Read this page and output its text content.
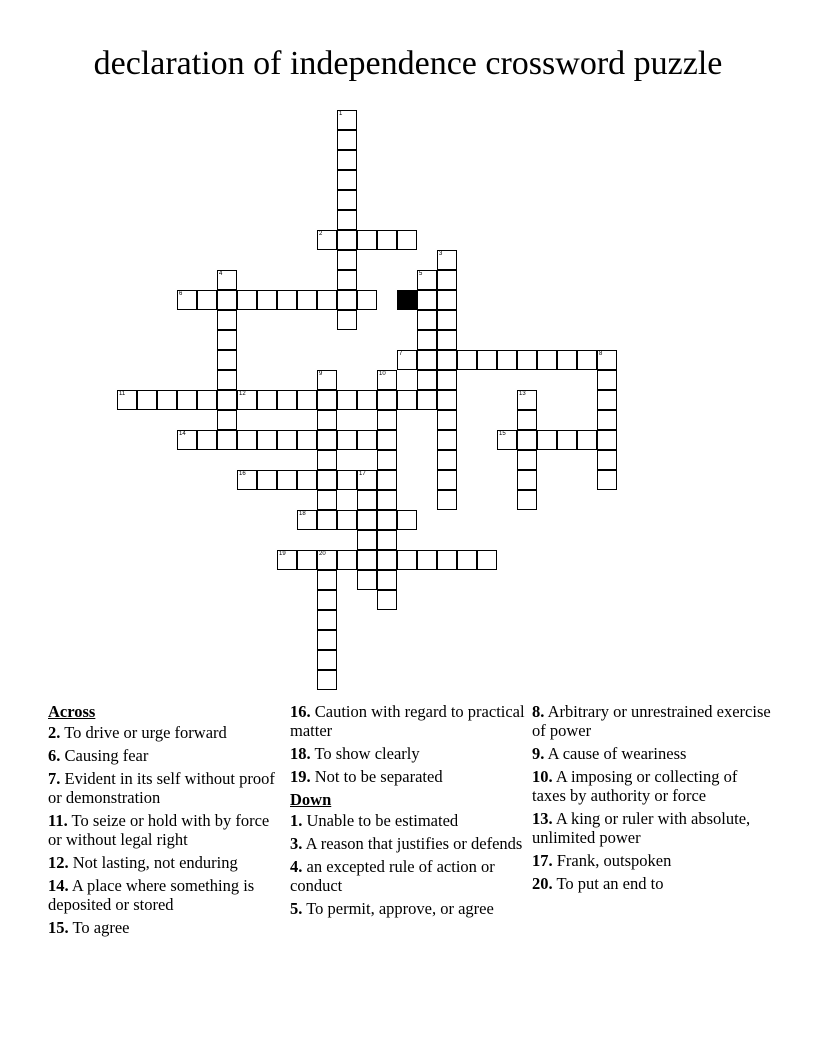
declaration of independence crossword puzzle
1
2
3
4	5
6
7	8
9	10
11	12	13
14	15
16	17
18
19	20
Across
2. To drive or urge forward
6. Causing fear
7. Evident in its self without proof or demonstration
11. To seize or hold with by force or without legal right
12. Not lasting, not enduring
14. A place where something is deposited or stored
15. To agree
16. Caution with regard to practical matter
18. To show clearly
19. Not to be separated
Down
1. Unable to be estimated
3. A reason that justifies or defends
4. an excepted rule of action or conduct
5. To permit, approve, or agree
8. Arbitrary or unrestrained exercise of power
9. A cause of weariness
10. A imposing or collecting of taxes by authority or force
13. A king or ruler with absolute, unlimited power
17. Frank, outspoken
20. To put an end to
